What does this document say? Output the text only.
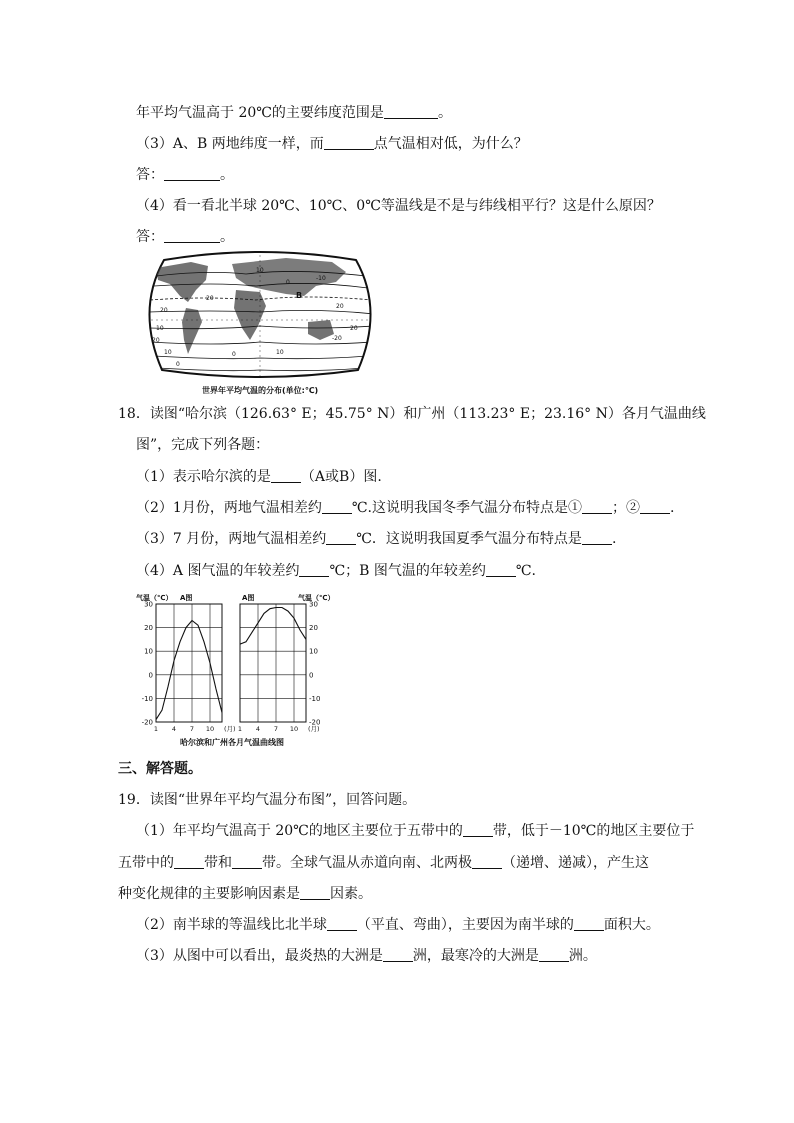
年平均气温高于 20℃的主要纬度范围是	。
（3）A、B 两地纬度一样，而	点气温相对低，为什么？
答：	。
（4）看一看北半球 20℃、10℃、0℃等温线是不是与纬线相平行？这是什么原因？
答：	。
10
0
-10
20	B
20
20
10
20	-20
20
10
0
0	10
世界年平均气温的分布(单位:℃)
18．读图“哈尔滨（126.63° E；45.75° N）和广州（113.23° E；23.16° N）各月气温曲线
图”，完成下列各题：
（1）表示哈尔滨的是 （A或B）图.
（2）1月份，两地气温相差约 ℃.这说明我国冬季气温分布特点是① ；② .
（3）7 月份，两地气温相差约 ℃．这说明我国夏季气温分布特点是 .
（4）A 图气温的年较差约 ℃；B 图气温的年较差约 ℃.
30
20
10
0
-10
-20
1 4 7 10 (月)
A图
气温（℃）
30
20
10
0
-10
-20
1 4 7 10 (月)
A图	气温（℃）
哈尔滨和广州各月气温曲线图
三、解答题。
19．读图“世界年平均气温分布图”，回答问题。
（1）年平均气温高于 20℃的地区主要位于五带中的 带，低于－10℃的地区主要位于
五带中的 带和 带。全球气温从赤道向南、北两极 （递增、递减），产生这
种变化规律的主要影响因素是 因素。
（2）南半球的等温线比北半球 （平直、弯曲），主要因为南半球的 面积大。
（3）从图中可以看出，最炎热的大洲是 洲，最寒冷的大洲是 洲。
